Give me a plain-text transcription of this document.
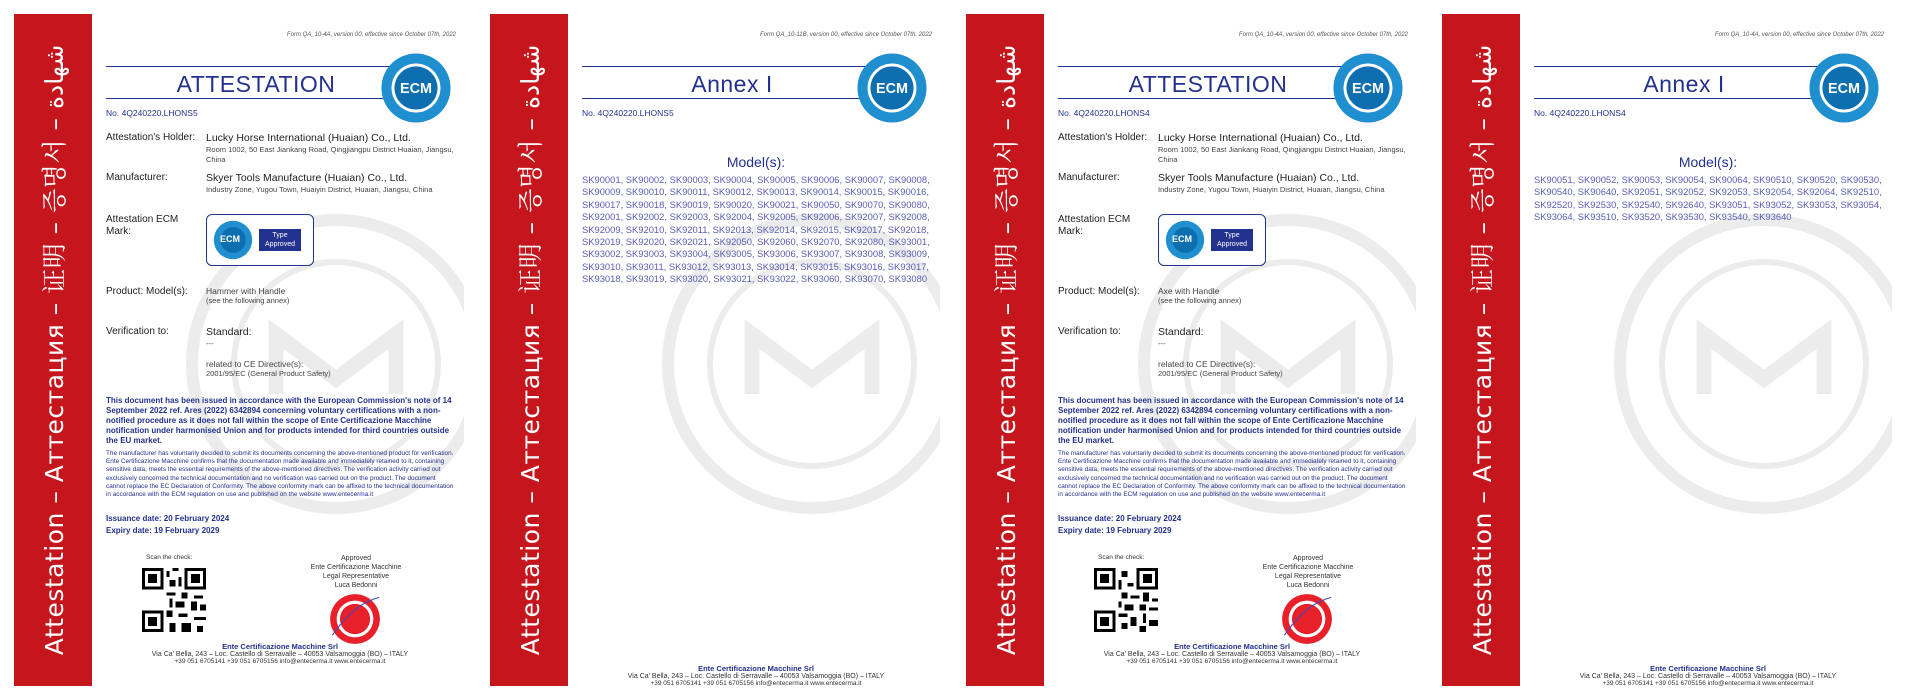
Attestation – Аттестация – 证明 – 증명서 – شهادة
Form QA_10-4A, version 00, effective since October 07th, 2022
ATTESTATION	ECM
No. 4Q240220.LHONS5
Attestation's Holder: Lucky Horse International (Huaian) Co., Ltd.
Room 1002, 50 East Jiankang Road, Qingjiangpu District Huaian, Jiangsu, China
Manufacturer:	Skyer Tools Manufacture (Huaian) Co., Ltd.
Industry Zone, Yugou Town, Huaiyin District, Huaian, Jiangsu, China
Attestation ECM Mark:
ECM	Type Approved
Product: Model(s):	Hammer with Handle
(see the following annex)
Verification to:	Standard:
---
related to CE Directive(s):
2001/95/EC (General Product Safety)
This document has been issued in accordance with the European Commission's note of 14 September 2022 ref. Ares (2022) 6342894 concerning voluntary certifications with a non-notified procedure as it does not fall within the scope of Ente Certificazione Macchine notification under harmonised Union and for products intended for third countries outside the EU market.
The manufacturer has voluntarily decided to submit its documents concerning the above-mentioned product for verification. Ente Certificazione Macchine confirms that the documentation made available and immediately retained to it, containing sensitive data, meets the essential requirements of the above-mentioned directives. The verification activity carried out exclusively concerned the technical documentation and no verification was carried out on the product. The document cannot replace the EC Declaration of Conformity. The above conformity mark can be affixed to the technical documentation in accordance with the ECM regulation on use and published on the website www.entecerma.it
Issuance date: 20 February 2024
Expiry date: 19 February 2029
Scan the check:	Approved
Ente Certificazione Macchine
Legal Representative
Luca Bedonni
Ente Certificazione Macchine Srl
Via Ca' Bella, 243 – Loc. Castello di Serravalle – 40053 Valsamoggia (BO) – ITALY
+39 051 6705141 +39 051 6705156 info@entecerma.it www.entecerma.it
Attestation – Аттестация – 证明 – 증명서 – شهادة
Form QA_10-11B, version 00, effective since October 07th, 2022
Annex I	ECM
No. 4Q240220.LHONS5
Model(s):
SK90001, SK90002, SK90003, SK90004, SK90005, SK90006, SK90007, SK90008, SK90009, SK90010, SK90011, SK90012, SK90013, SK90014, SK90015, SK90016, SK90017, SK90018, SK90019, SK90020, SK90021, SK90050, SK90070, SK90080, SK92001, SK92002, SK92003, SK92004, SK92005, SK92006, SK92007, SK92008, SK92009, SK92010, SK92011, SK92013, SK92014, SK92015, SK92017, SK92018, SK92019, SK92020, SK92021, SK92050, SK92060, SK92070, SK92080, SK93001, SK93002, SK93003, SK93004, SK93005, SK93006, SK93007, SK93008, SK93009, SK93010, SK93011, SK93012, SK93013, SK93014, SK93015, SK93016, SK93017, SK93018, SK93019, SK93020, SK93021, SK93022, SK93060, SK93070, SK93080
Ente Certificazione Macchine Srl
Via Ca' Bella, 243 – Loc. Castello di Serravalle – 40053 Valsamoggia (BO) – ITALY
+39 051 6705141 +39 051 6705156 info@entecerma.it www.entecerma.it
Attestation – Аттестация – 证明 – 증명서 – شهادة
Form QA_10-4A, version 00, effective since October 07th, 2022
ATTESTATION	ECM
No. 4Q240220.LHONS4
Attestation's Holder: Lucky Horse International (Huaian) Co., Ltd.
Room 1002, 50 East Jiankang Road, Qingjiangpu District Huaian, Jiangsu, China
Manufacturer:	Skyer Tools Manufacture (Huaian) Co., Ltd.
Industry Zone, Yugou Town, Huaiyin District, Huaian, Jiangsu, China
Attestation ECM Mark:
ECM	Type Approved
Product: Model(s):	Axe with Handle
(see the following annex)
Verification to:	Standard:
---
related to CE Directive(s):
2001/95/EC (General Product Safety)
This document has been issued in accordance with the European Commission's note of 14 September 2022 ref. Ares (2022) 6342894 concerning voluntary certifications with a non-notified procedure as it does not fall within the scope of Ente Certificazione Macchine notification under harmonised Union and for products intended for third countries outside the EU market.
The manufacturer has voluntarily decided to submit its documents concerning the above-mentioned product for verification. Ente Certificazione Macchine confirms that the documentation made available and immediately retained to it, containing sensitive data, meets the essential requirements of the above-mentioned directives. The verification activity carried out exclusively concerned the technical documentation and no verification was carried out on the product. The document cannot replace the EC Declaration of Conformity. The above conformity mark can be affixed to the technical documentation in accordance with the ECM regulation on use and published on the website www.entecerma.it
Issuance date: 20 February 2024
Expiry date: 19 February 2029
Scan the check:	Approved
Ente Certificazione Macchine
Legal Representative
Luca Bedonni
Ente Certificazione Macchine Srl
Via Ca' Bella, 243 – Loc. Castello di Serravalle – 40053 Valsamoggia (BO) – ITALY
+39 051 6705141 +39 051 6705156 info@entecerma.it www.entecerma.it
Attestation – Аттестация – 证明 – 증명서 – شهادة
Form QA_10-4A, version 00, effective since October 07th, 2022
Annex I	ECM
No. 4Q240220.LHONS4
Model(s):
SK90051, SK90052, SK90053, SK90054, SK90064, SK90510, SK90520, SK90530, SK90540, SK90640, SK92051, SK92052, SK92053, SK92054, SK92064, SK92510, SK92520, SK92530, SK92540, SK92640, SK93051, SK93052, SK93053, SK93054, SK93064, SK93510, SK93520, SK93530, SK93540, SK93640
Ente Certificazione Macchine Srl
Via Ca' Bella, 243 – Loc. Castello di Serravalle – 40053 Valsamoggia (BO) – ITALY
+39 051 6705141 +39 051 6705156 info@entecerma.it www.entecerma.it
